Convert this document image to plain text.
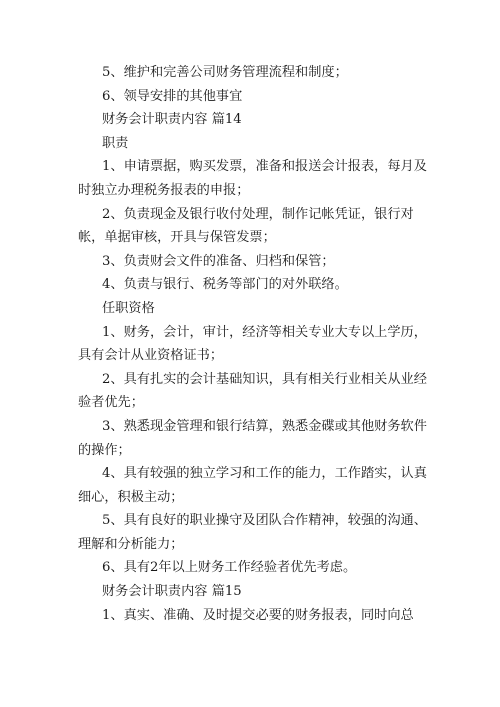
5、维护和完善公司财务管理流程和制度；

6、领导安排的其他事宜

财务会计职责内容 篇14

职责

1、申请票据，购买发票，准备和报送会计报表，每月及时独立办理税务报表的申报；

2、负责现金及银行收付处理，制作记帐凭证，银行对帐，单据审核，开具与保管发票；

3、负责财会文件的准备、归档和保管；

4、负责与银行、税务等部门的对外联络。

任职资格

1、财务，会计，审计，经济等相关专业大专以上学历，具有会计从业资格证书；

2、具有扎实的会计基础知识，具有相关行业相关从业经验者优先；

3、熟悉现金管理和银行结算，熟悉金碟或其他财务软件的操作；

4、具有较强的独立学习和工作的能力，工作踏实，认真细心，积极主动；

5、具有良好的职业操守及团队合作精神，较强的沟通、理解和分析能力；

6、具有2年以上财务工作经验者优先考虑。

财务会计职责内容 篇15

1、真实、准确、及时提交必要的财务报表，同时向总
